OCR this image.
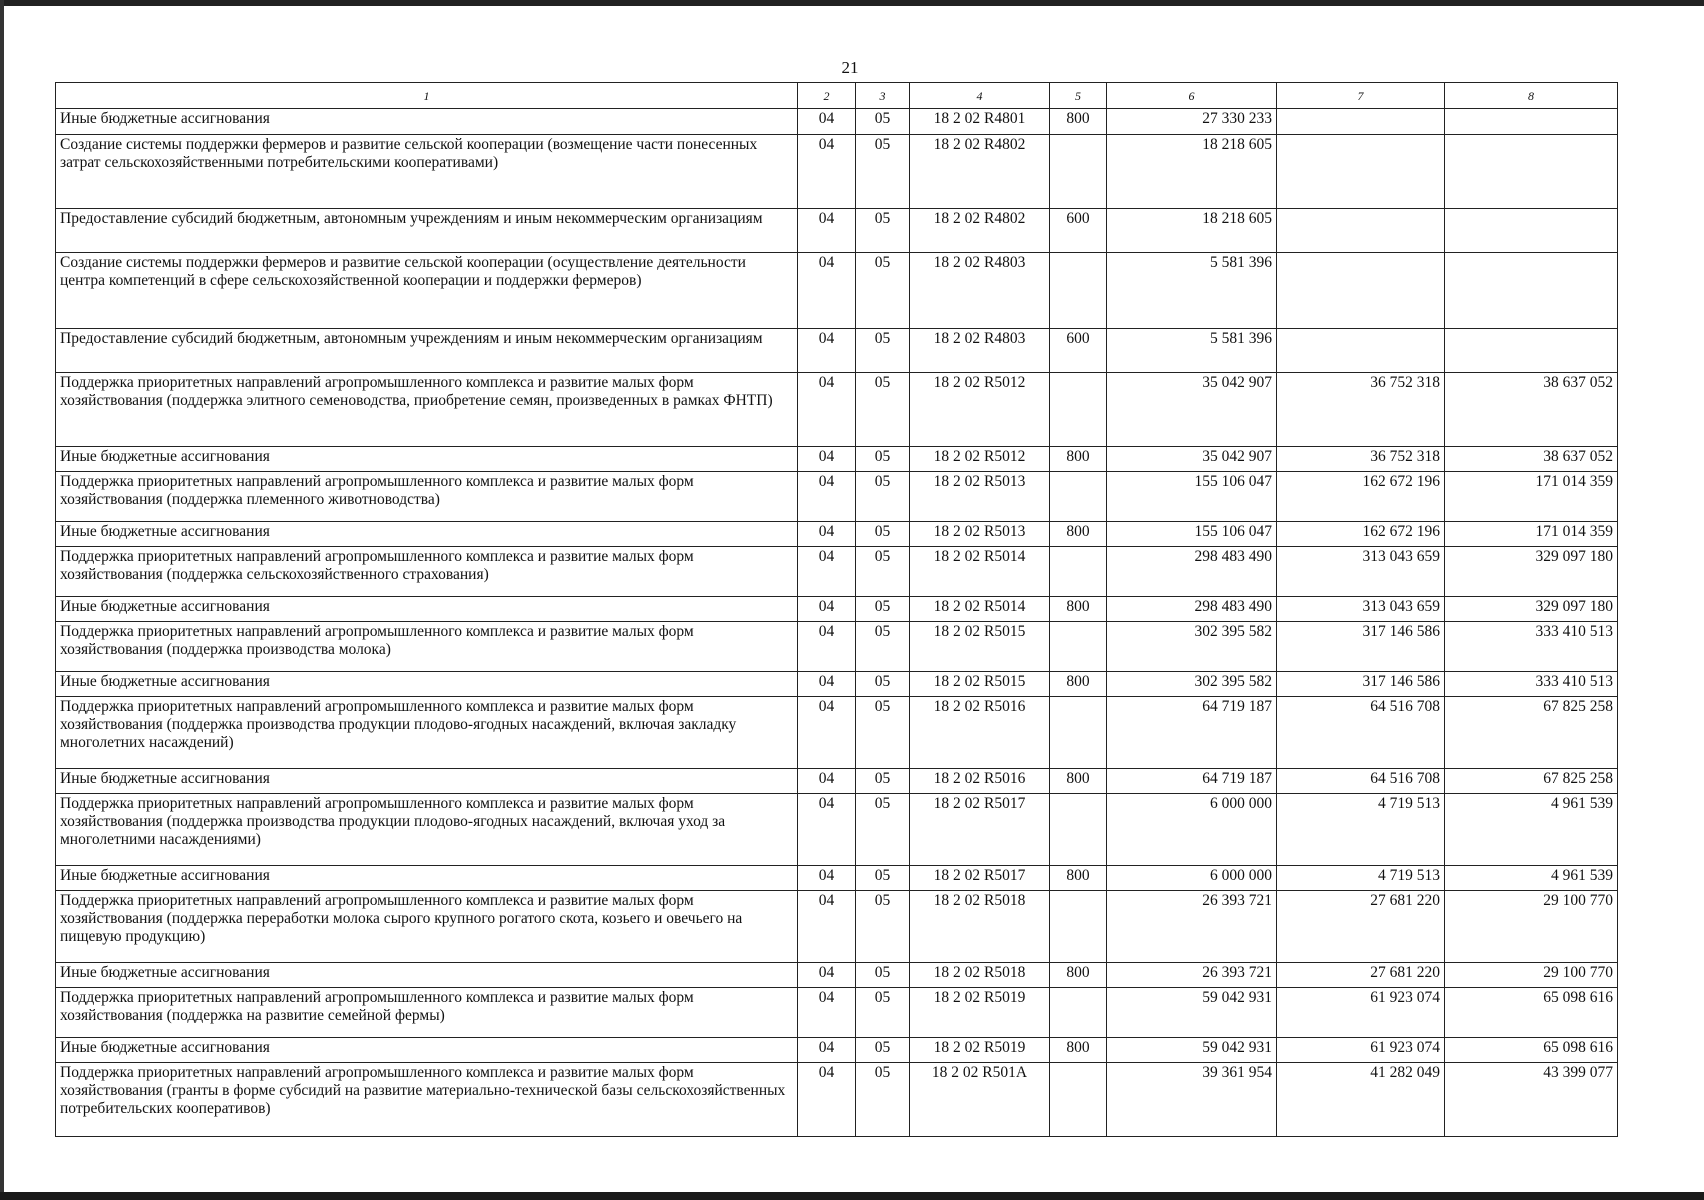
21
1	2	3	4	5	6	7	8
Иные бюджетные ассигнования	04	05	18 2 02 R4801	800	27 330 233		
Создание системы поддержки фермеров и развитие сельской кооперации (возмещение части понесенных затрат сельскохозяйственными потребительскими кооперативами)	04	05	18 2 02 R4802		18 218 605		
Предоставление субсидий бюджетным, автономным учреждениям и иным некоммерческим организациям	04	05	18 2 02 R4802	600	18 218 605		
Создание системы поддержки фермеров и развитие сельской кооперации (осуществление деятельности центра компетенций в сфере сельскохозяйственной кооперации и поддержки фермеров)	04	05	18 2 02 R4803		5 581 396		
Предоставление субсидий бюджетным, автономным учреждениям и иным некоммерческим организациям	04	05	18 2 02 R4803	600	5 581 396		
Поддержка приоритетных направлений агропромышленного комплекса и развитие малых форм хозяйствования (поддержка элитного семеноводства, приобретение семян, произведенных в рамках ФНТП)	04	05	18 2 02 R5012		35 042 907	36 752 318	38 637 052
Иные бюджетные ассигнования	04	05	18 2 02 R5012	800	35 042 907	36 752 318	38 637 052
Поддержка приоритетных направлений агропромышленного комплекса и развитие малых форм хозяйствования (поддержка племенного животноводства)	04	05	18 2 02 R5013		155 106 047	162 672 196	171 014 359
Иные бюджетные ассигнования	04	05	18 2 02 R5013	800	155 106 047	162 672 196	171 014 359
Поддержка приоритетных направлений агропромышленного комплекса и развитие малых форм хозяйствования (поддержка сельскохозяйственного страхования)	04	05	18 2 02 R5014		298 483 490	313 043 659	329 097 180
Иные бюджетные ассигнования	04	05	18 2 02 R5014	800	298 483 490	313 043 659	329 097 180
Поддержка приоритетных направлений агропромышленного комплекса и развитие малых форм хозяйствования (поддержка производства молока)	04	05	18 2 02 R5015		302 395 582	317 146 586	333 410 513
Иные бюджетные ассигнования	04	05	18 2 02 R5015	800	302 395 582	317 146 586	333 410 513
Поддержка приоритетных направлений агропромышленного комплекса и развитие малых форм хозяйствования (поддержка производства продукции плодово-ягодных насаждений, включая закладку многолетних насаждений)	04	05	18 2 02 R5016		64 719 187	64 516 708	67 825 258
Иные бюджетные ассигнования	04	05	18 2 02 R5016	800	64 719 187	64 516 708	67 825 258
Поддержка приоритетных направлений агропромышленного комплекса и развитие малых форм хозяйствования (поддержка производства продукции плодово-ягодных насаждений, включая уход за многолетними насаждениями)	04	05	18 2 02 R5017		6 000 000	4 719 513	4 961 539
Иные бюджетные ассигнования	04	05	18 2 02 R5017	800	6 000 000	4 719 513	4 961 539
Поддержка приоритетных направлений агропромышленного комплекса и развитие малых форм хозяйствования (поддержка переработки молока сырого крупного рогатого скота, козьего и овечьего на пищевую продукцию)	04	05	18 2 02 R5018		26 393 721	27 681 220	29 100 770
Иные бюджетные ассигнования	04	05	18 2 02 R5018	800	26 393 721	27 681 220	29 100 770
Поддержка приоритетных направлений агропромышленного комплекса и развитие малых форм хозяйствования (поддержка на развитие семейной фермы)	04	05	18 2 02 R5019		59 042 931	61 923 074	65 098 616
Иные бюджетные ассигнования	04	05	18 2 02 R5019	800	59 042 931	61 923 074	65 098 616
Поддержка приоритетных направлений агропромышленного комплекса и развитие малых форм хозяйствования (гранты в форме субсидий на развитие материально-технической базы сельскохозяйственных потребительских кооперативов)	04	05	18 2 02 R501A		39 361 954	41 282 049	43 399 077
